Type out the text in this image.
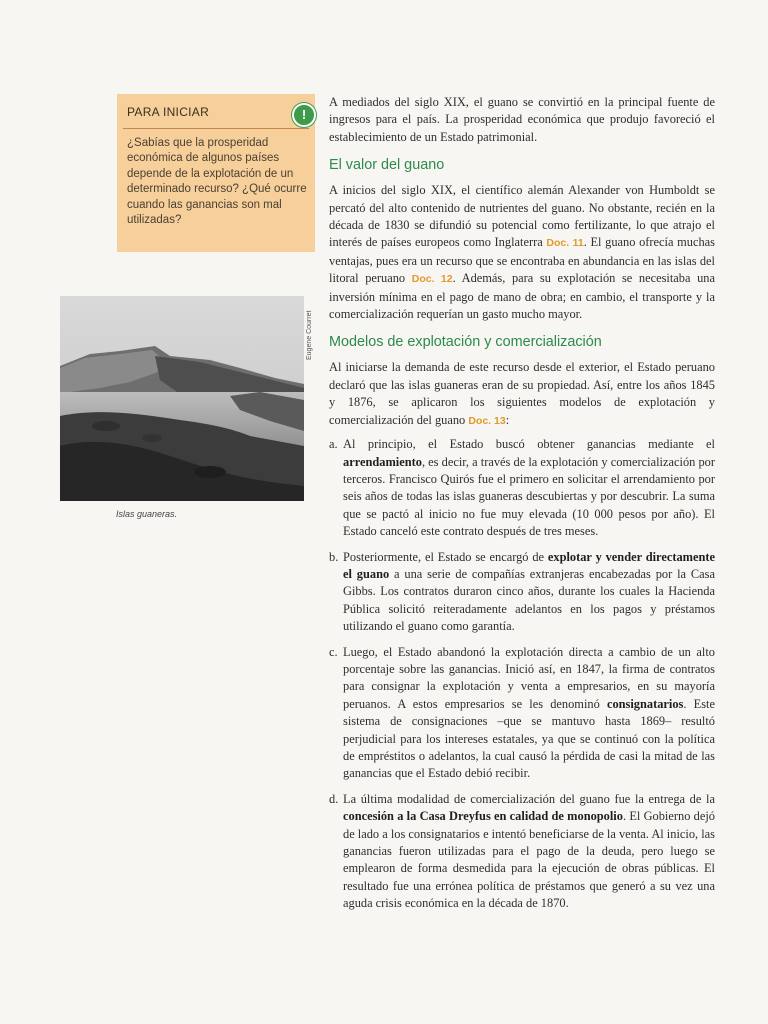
PARA INICIAR	!
¿Sabías que la prosperidad económica de algunos países depende de la explotación de un determinado recurso? ¿Qué ocurre cuando las ganancias son mal utilizadas?
Eugene Courret
Islas guaneras.

A mediados del siglo XIX, el guano se convirtió en la principal fuente de ingresos para el país. La prosperidad económica que produjo favoreció el establecimiento de un Estado patrimonial.

El valor del guano

A inicios del siglo XIX, el científico alemán Alexander von Humboldt se percató del alto contenido de nutrientes del guano. No obstante, recién en la década de 1830 se difundió su potencial como fertilizante, lo que atrajo el interés de países europeos como Inglaterra Doc. 11. El guano ofrecía muchas ventajas, pues era un recurso que se encontraba en abundancia en las islas del litoral peruano Doc. 12. Además, para su explotación se necesitaba una inversión mínima en el pago de mano de obra; en cambio, el transporte y la comercialización requerían un gasto mucho mayor.

Modelos de explotación y comercialización

Al iniciarse la demanda de este recurso desde el exterior, el Estado peruano declaró que las islas guaneras eran de su propiedad. Así, entre los años 1845 y 1876, se aplicaron los siguientes modelos de explotación y comercialización del guano Doc. 13:

a. Al principio, el Estado buscó obtener ganancias mediante el arrendamiento, es decir, a través de la explotación y comercialización por terceros. Francisco Quirós fue el primero en solicitar el arrendamiento por seis años de todas las islas guaneras descubiertas y por descubrir. La suma que se pactó al inicio no fue muy elevada (10 000 pesos por año). El Estado canceló este contrato después de tres meses.

b. Posteriormente, el Estado se encargó de explotar y vender directamente el guano a una serie de compañías extranjeras encabezadas por la Casa Gibbs. Los contratos duraron cinco años, durante los cuales la Hacienda Pública solicitó reiteradamente adelantos en los pagos y préstamos utilizando el guano como garantía.

c. Luego, el Estado abandonó la explotación directa a cambio de un alto porcentaje sobre las ganancias. Inició así, en 1847, la firma de contratos para consignar la explotación y venta a empresarios, en su mayoría peruanos. A estos empresarios se les denominó consignatarios. Este sistema de consignaciones –que se mantuvo hasta 1869– resultó perjudicial para los intereses estatales, ya que se continuó con la política de empréstitos o adelantos, la cual causó la pérdida de casi la mitad de las ganancias que el Estado debió recibir.

d. La última modalidad de comercialización del guano fue la entrega de la concesión a la Casa Dreyfus en calidad de monopolio. El Gobierno dejó de lado a los consignatarios e intentó beneficiarse de la venta. Al inicio, las ganancias fueron utilizadas para el pago de la deuda, pero luego se emplearon de forma desmedida para la ejecución de obras públicas. El resultado fue una errónea política de préstamos que generó a su vez una aguda crisis económica en la década de 1870.
